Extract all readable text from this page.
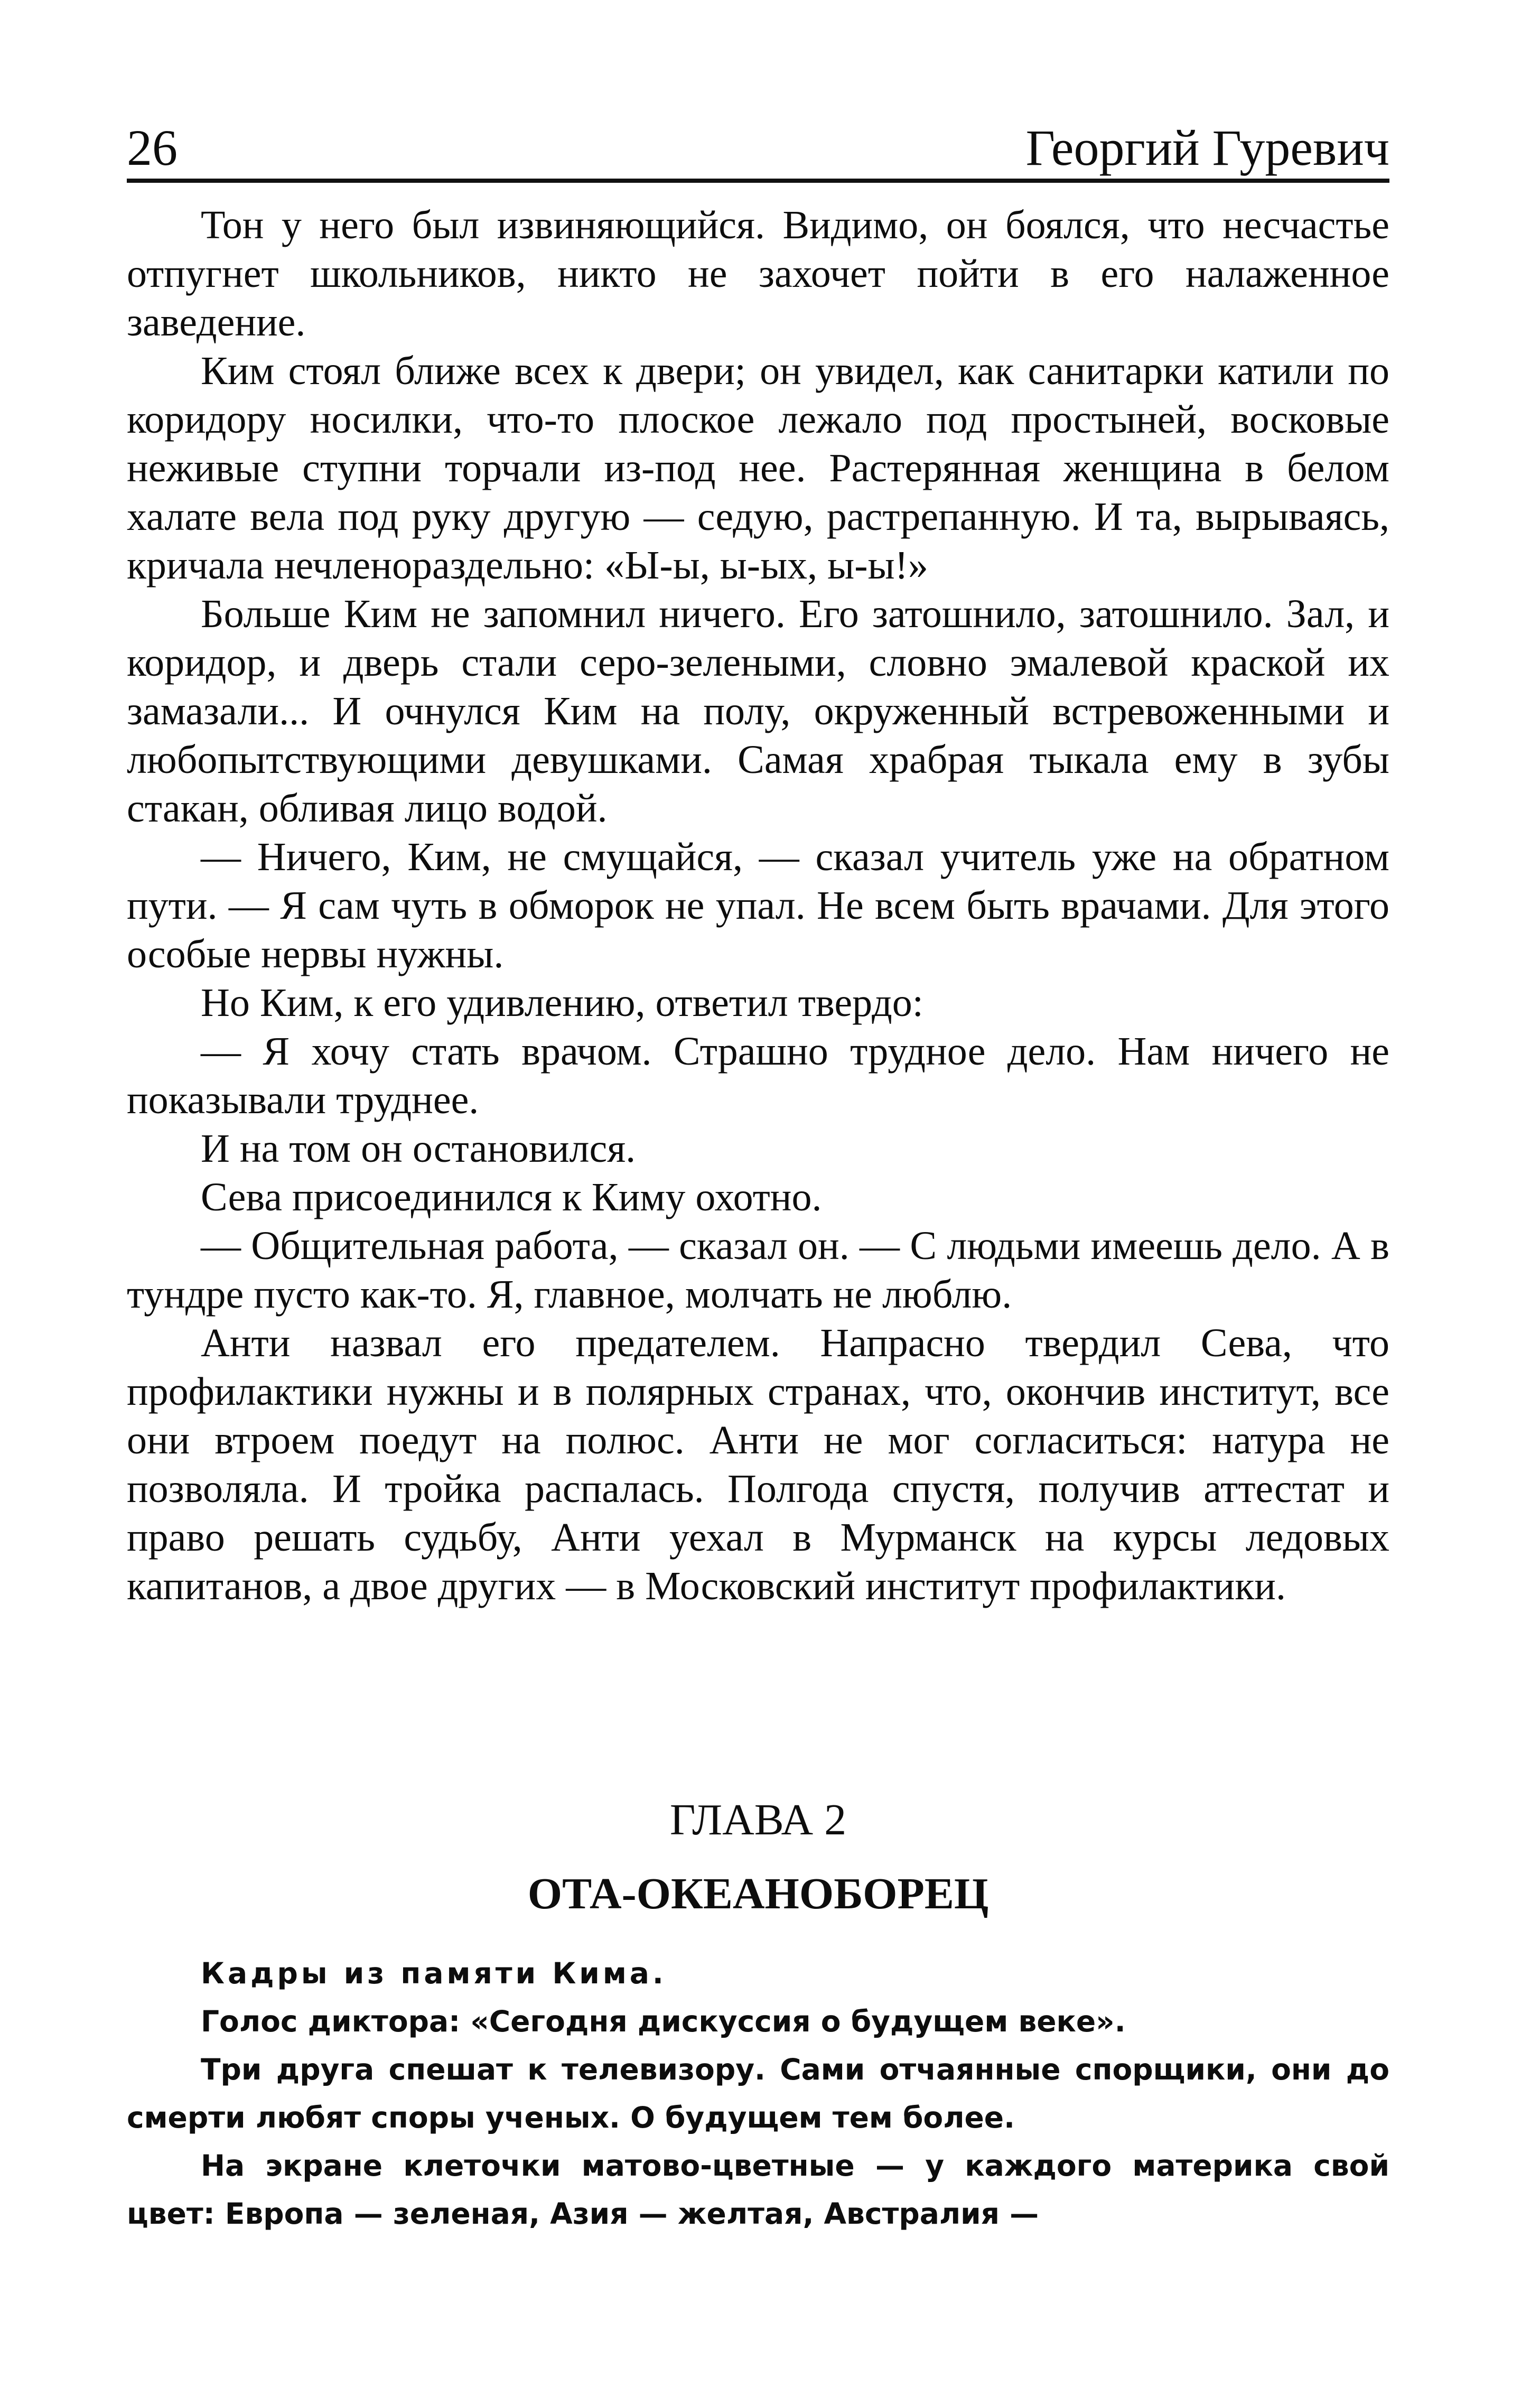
26	Георгий Гуревич

Тон у него был извиняющийся. Видимо, он боялся, что несчастье отпугнет школьников, никто не захочет пойти в его налаженное заведение.

Ким стоял ближе всех к двери; он увидел, как санитарки катили по коридору носилки, что-то плоское лежало под простыней, восковые неживые ступни торчали из-под нее. Растерянная женщина в белом халате вела под руку другую — седую, растрепанную. И та, вырываясь, кричала нечленораздельно: «Ы-ы, ы-ых, ы-ы!»

Больше Ким не запомнил ничего. Его затошнило, затошнило. Зал, и коридор, и дверь стали серо-зелеными, словно эмалевой краской их замазали... И очнулся Ким на полу, окруженный встревоженными и любопытствующими девушками. Самая храбрая тыкала ему в зубы стакан, обливая лицо водой.

— Ничего, Ким, не смущайся, — сказал учитель уже на обратном пути. — Я сам чуть в обморок не упал. Не всем быть врачами. Для этого особые нервы нужны.

Но Ким, к его удивлению, ответил твердо:

— Я хочу стать врачом. Страшно трудное дело. Нам ничего не показывали труднее.

И на том он остановился.

Сева присоединился к Киму охотно.

— Общительная работа, — сказал он. — С людьми имеешь дело. А в тундре пусто как-то. Я, главное, молчать не люблю.

Анти назвал его предателем. Напрасно твердил Сева, что профилактики нужны и в полярных странах, что, окончив институт, все они втроем поедут на полюс. Анти не мог согласиться: натура не позволяла. И тройка распалась. Полгода спустя, получив аттестат и право решать судьбу, Анти уехал в Мурманск на курсы ледовых капитанов, а двое других — в Московский институт профилактики.

ГЛАВА 2
ОТА-ОКЕАНОБОРЕЦ

Кадры из памяти Кима.

Голос диктора: «Сегодня дискуссия о будущем веке».

Три друга спешат к телевизору. Сами отчаянные спорщики, они до смерти любят споры ученых. О будущем тем более.

На экране клеточки матово-цветные — у каждого материка свой цвет: Европа — зеленая, Азия — желтая, Австралия —
